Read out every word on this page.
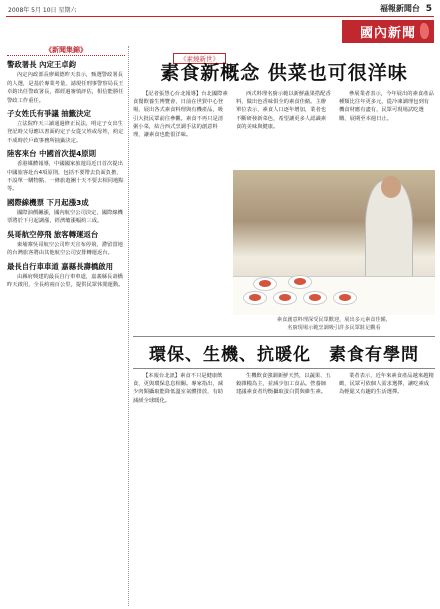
2008年 5月 10日 星期六	福報新聞台 5
國內新聞
《新聞集錦》
警政署長 內定王卓鈞

內定內政部長廖風德昨天表示，甄選警政署長的人選，是基於專業考量，請現任刑事警察局長王卓鈞出任警政署長，都經過審慎評估，相信能勝任警政工作重任。

子女姓氏有爭議 抽籤決定

立法院昨天三讀通過修正民法，明定子女出生登記時父母應以書面約定子女從父姓或母姓，約定不成時於戶政事務所抽籤決定。

陸客來台 中國首次提4原則

香港媒體報導，中國國家旅遊局近日首次提出中國旅客赴台4項原則，包括不要帶去負面負擔，不設單一購物點、一條旅遊團十天不要去相同地點等。

國際線機票 下月起漲3成

國際油價飆漲，國內航空公司決定，國際線機票將於下月起調漲，經濟艙漲幅約三成。

吳哥航空停飛 旅客轉運返台

柬埔寨吳哥航空公司昨天宣布停飛，滯留當地的台灣旅客將由其他航空公司安排轉運返台。

最長自行車車道 嘉縣長壽橋啟用

由縣府興建的最長自行車車道，嘉義縣長壽橋昨天啟用，全長約兩百公里，提供民眾休閒運動。

《素燒新世》
素食新概念 供菜也可很洋味

【記者張慧心台北報導】台北國際素食餐飲養生博覽會，日前在世貿中心登場，展出各式素食料理與有機產品，吸引大批民眾前往參觀。素食不再只是清粥小菜，結合西式烹調手法的創意料理，讓素食也能很洋味。

西式料理名廚示範以新鮮蔬果搭配香料，做出色香味俱全的素食佳餚。主辦單位表示，素食人口逐年增加，業者也不斷研發新菜色，希望讓更多人認識素食的美味與健康。

參展業者表示，今年展出的素食產品種類比往年更多元，從冷凍調理包到有機食材應有盡有，民眾可現場試吃選購，展期至本週日止。

素食創意料理深受民眾歡迎，展出多元素食佳餚，
名廚現場示範烹調吸引許多民眾駐足觀看
環保、生機、抗暖化　素食有學問

【本報台北訊】素食不只是健康飲食，更與環保息息相關。專家指出，減少肉類攝取能降低溫室氣體排放，有助減緩全球暖化。

生機飲食強調新鮮天然，以蔬果、五穀雜糧為主，並減少加工食品。營養師建議素食者均衡攝取蛋白質與維生素。

業者表示，近年來素食產品越來越精緻，民眾可依個人需求選擇，讓吃素成為輕鬆又有趣的生活選擇。
